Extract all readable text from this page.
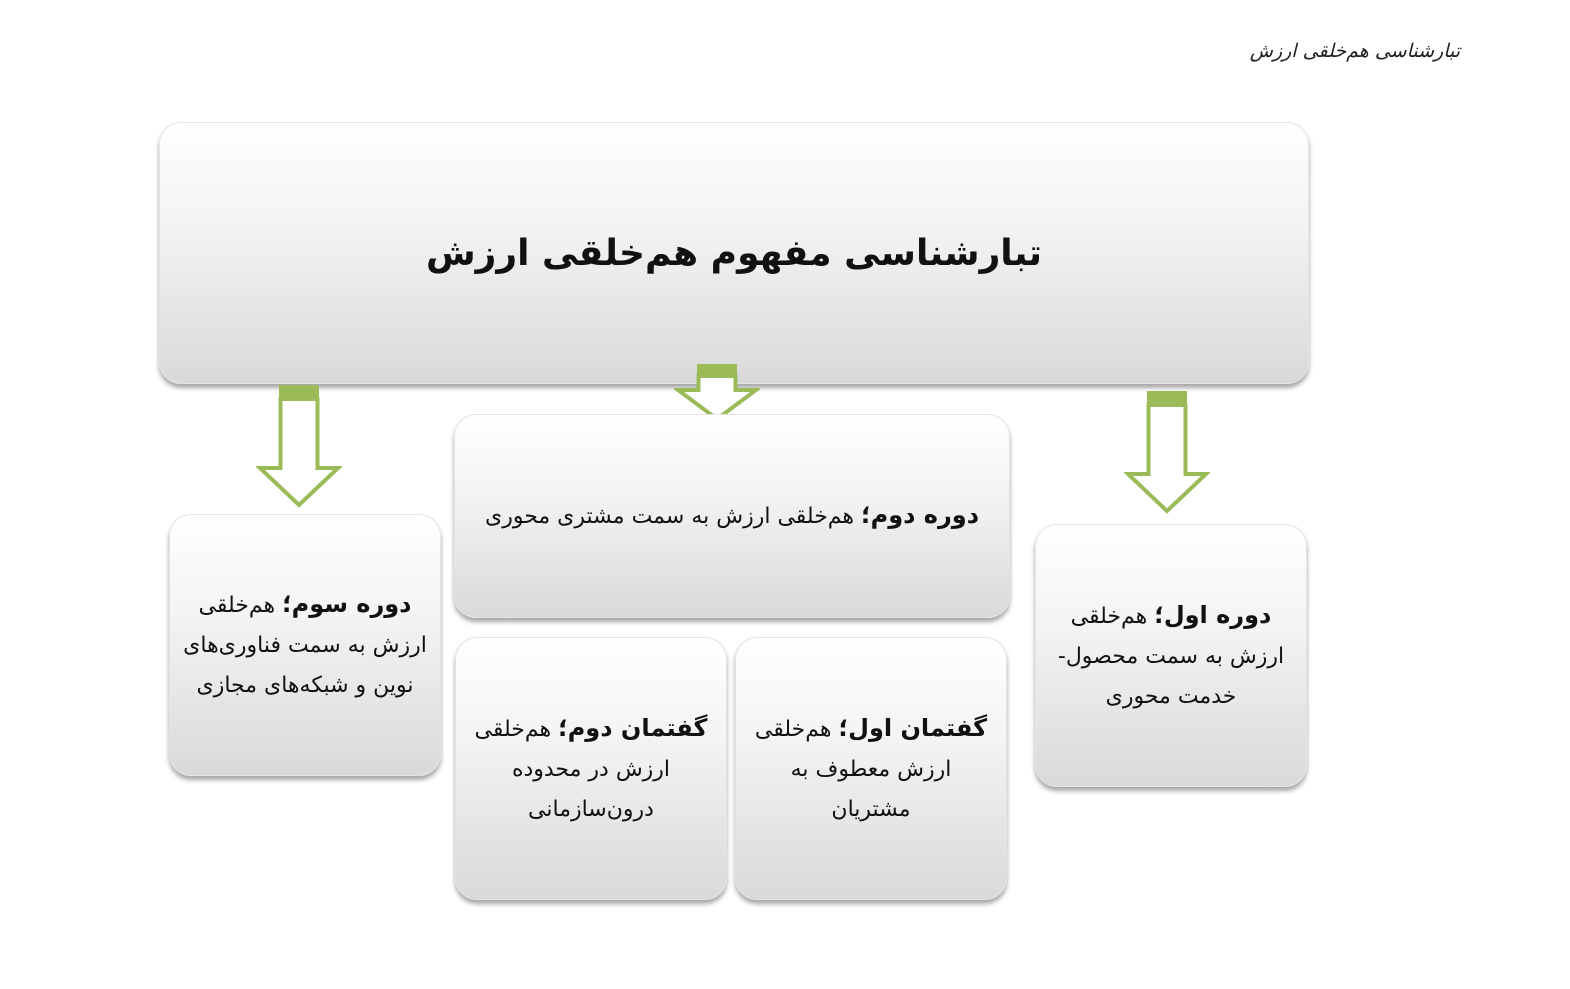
تبارشناسی هم‌خلقی ارزش
تبارشناسی مفهوم هم‌خلقی ارزش
دوره اول؛ هم‌خلقی ارزش به سمت محصول- خدمت محوری
دوره دوم؛ هم‌خلقی ارزش به سمت مشتری محوری
دوره سوم؛ هم‌خلقی ارزش به سمت فناوری‌های نوین و شبکه‌های مجازی
گفتمان اول؛ هم‌خلقی ارزش معطوف به مشتریان
گفتمان دوم؛ هم‌خلقی ارزش در محدوده درون‌سازمانی
